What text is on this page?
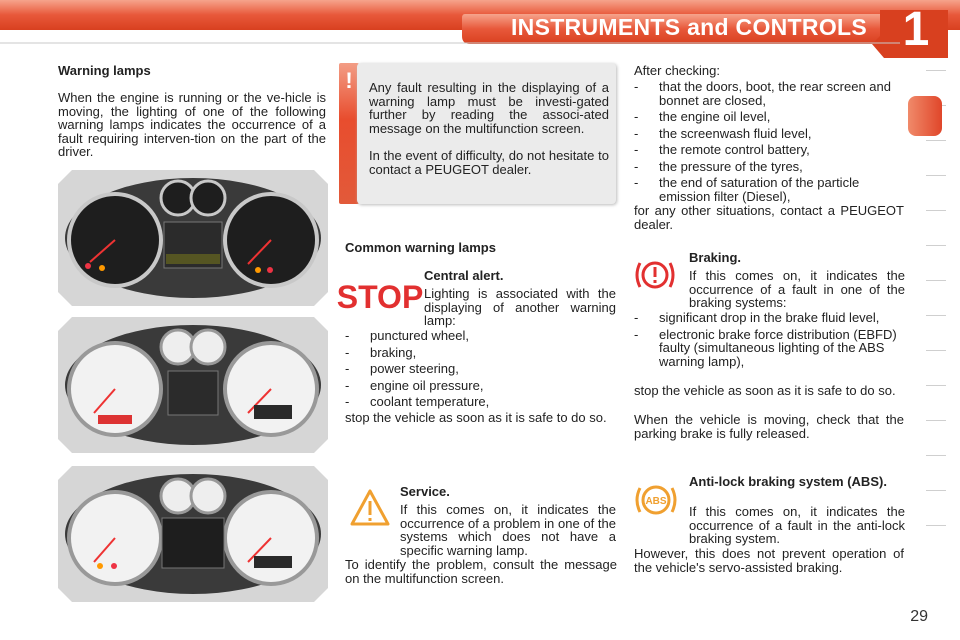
INSTRUMENTS and CONTROLS 1
Warning lamps
When the engine is running or the ve-hicle is moving, the lighting of one of the following warning lamps indicates the occurrence of a fault requiring interven-tion on the part of the driver.
!	Any fault resulting in the displaying of a warning lamp must be investi-gated further by reading the associ-ated message on the multifunction screen.
In the event of difficulty, do not hesitate to contact a PEUGEOT dealer.
Common warning lamps
STOP
Central alert.
Lighting is associated with the displaying of another warning lamp:
- punctured wheel,
- braking,
- power steering,
- engine oil pressure,
- coolant temperature,
stop the vehicle as soon as it is safe to do so.
Service.
If this comes on, it indicates the occurrence of a problem in one of the systems which does not have a specific warning lamp.
To identify the problem, consult the message on the multifunction screen.
After checking:
- that the doors, boot, the rear screen and bonnet are closed,
- the engine oil level,
- the screenwash fluid level,
- the remote control battery,
- the pressure of the tyres,
- the end of saturation of the particle emission filter (Diesel),
for any other situations, contact a PEUGEOT dealer.
Braking.
If this comes on, it indicates the occurrence of a fault in one of the braking systems:
- significant drop in the brake fluid level,
- electronic brake force distribution (EBFD) faulty (simultaneous lighting of the ABS warning lamp),
stop the vehicle as soon as it is safe to do so.
When the vehicle is moving, check that the parking brake is fully released.
ABS
Anti-lock braking system (ABS).
If this comes on, it indicates the occurrence of a fault in the anti-lock braking system.
However, this does not prevent operation of the vehicle's servo-assisted braking.
29
